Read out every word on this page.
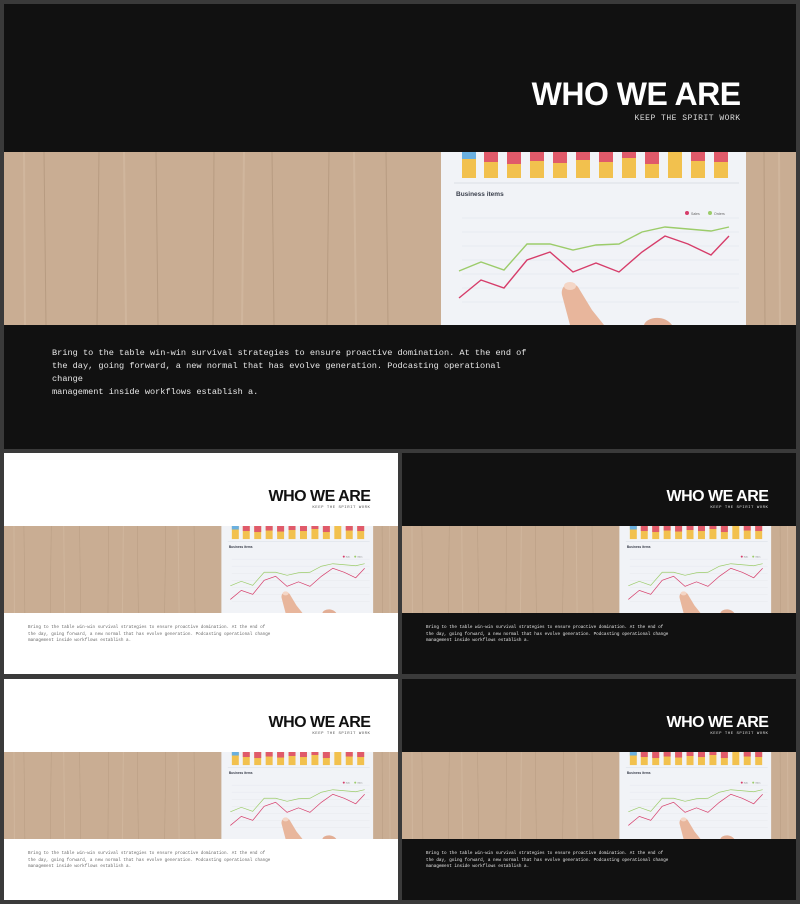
WHO WE ARE
KEEP THE SPIRIT WORK
Business items
Sales	Orders
Bring to the table win-win survival strategies to ensure proactive domination. At the end of
the day, going forward, a new normal that has evolve generation. Podcasting operational change
management inside workflows establish a.
WHO WE ARE
KEEP THE SPIRIT WORK
Business items
Sales Orders
Bring to the table win-win survival strategies to ensure proactive domination. At the end of
the day, going forward, a new normal that has evolve generation. Podcasting operational change
management inside workflows establish a.
WHO WE ARE
KEEP THE SPIRIT WORK
Business items
Sales Orders
Bring to the table win-win survival strategies to ensure proactive domination. At the end of
the day, going forward, a new normal that has evolve generation. Podcasting operational change
management inside workflows establish a.
WHO WE ARE
KEEP THE SPIRIT WORK
Business items
Sales Orders
Bring to the table win-win survival strategies to ensure proactive domination. At the end of
the day, going forward, a new normal that has evolve generation. Podcasting operational change
management inside workflows establish a.
WHO WE ARE
KEEP THE SPIRIT WORK
Business items
Sales Orders
Bring to the table win-win survival strategies to ensure proactive domination. At the end of
the day, going forward, a new normal that has evolve generation. Podcasting operational change
management inside workflows establish a.
